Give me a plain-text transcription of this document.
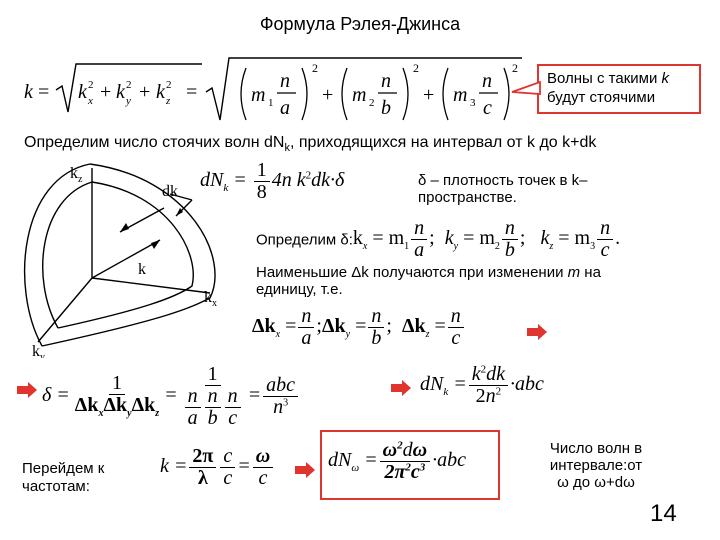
Формула Рэлея-Джинса
k = k x
2 + k y
2 + k z
2 =	m 1
п
a
2
+ m 2
п
b
2
+ m 3
п
c
2
Волны с такими k
будут стоячими
Определим число стоячих волн $dN_k$, приходящихся на интервал от k до k+dk
$k_z$
$k_x$
$k_y$
k
dk
$dN_k = \frac{1}{8} 4п$ $k^2dk\cdot\delta$	δ – плотность точек в k–
пространстве.
Определим $\delta:k_x = m_1 \frac{п}{a}$ ;  $k_y = m_2 \frac{п}{b}$ ;   $k_z = m_3 \frac{п}{c}$ .
Наименьшие Δk получаются при изменении m на
единицу, т.е.
$\Delta k_x = \frac{п}{a}$ $;\Delta k_y = \frac{п}{b}$ ;  $\Delta k_z = \frac{п}{c}$
$\delta = \frac{1}{\Delta k_x\Delta k_y\Delta k_z} = \frac{1}{\frac{п}{a} \frac{п}{b} \frac{п}{c}} = \frac{\text{abc}}{п^3}$	$dN_k = \frac{k^2dk}{2п^2} \cdot abc$
Перейдем к
частотам:
$k = \frac{2\pi}{\lambda} \frac{c}{c} = \frac{\omega}{c}$	$dN_\omega = \frac{\omega^2d\omega}{2\pi^2c^3} \cdot abc$
Число волн в
интервале:от
ω до ω+dω
14
